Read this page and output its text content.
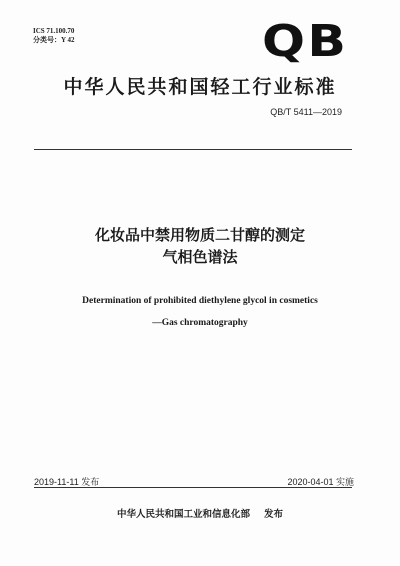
ICS 71.100.70
分类号：Y 42	QB
中华人民共和国轻工行业标准
QB/T 5411—2019
化妆品中禁用物质二甘醇的测定
气相色谱法
Determination of prohibited diethylene glycol in cosmetics
—Gas chromatography
2019-11-11 发布	2020-04-01 实施
中华人民共和国工业和信息化部 发布
